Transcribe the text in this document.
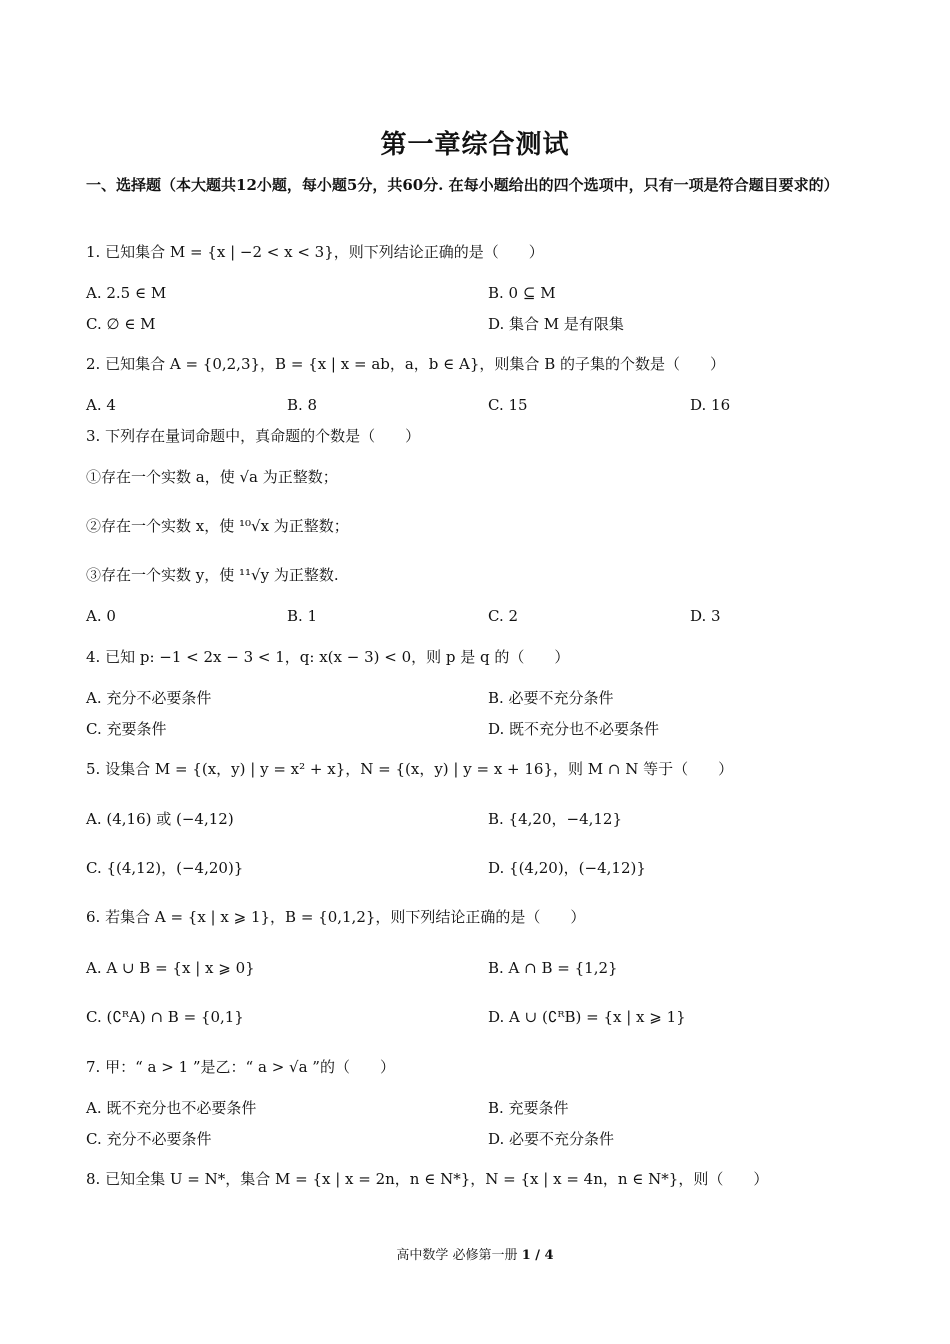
第一章综合测试
一、选择题（本大题共12小题，每小题5分，共60分. 在每小题给出的四个选项中，只有一项是符合题目要求的）
1. 已知集合 M = {x | −2 < x < 3}，则下列结论正确的是（　　）
A. 2.5 ∈ M	B. 0 ⊆ M
C. ∅ ∈ M	D. 集合 M 是有限集
2. 已知集合 A = {0,2,3}，B = {x | x = ab，a，b ∈ A}，则集合 B 的子集的个数是（　　）
A. 4	B. 8	C. 15	D. 16
3. 下列存在量词命题中，真命题的个数是（　　）
①存在一个实数 a，使 √a 为正整数；
②存在一个实数 x，使 ¹⁰√x 为正整数；
③存在一个实数 y，使 ¹¹√y 为正整数.
A. 0	B. 1	C. 2	D. 3
4. 已知 p: −1 < 2x − 3 < 1，q: x(x − 3) < 0，则 p 是 q 的（　　）
A. 充分不必要条件	B. 必要不充分条件
C. 充要条件	D. 既不充分也不必要条件
5. 设集合 M = {(x，y) | y = x² + x}，N = {(x，y) | y = x + 16}，则 M ∩ N 等于（　　）
A. (4,16) 或 (−4,12)	B. {4,20，−4,12}
C. {(4,12)，(−4,20)}	D. {(4,20)，(−4,12)}
6. 若集合 A = {x | x ⩾ 1}，B = {0,1,2}，则下列结论正确的是（　　）
A. A ∪ B = {x | x ⩾ 0}	B. A ∩ B = {1,2}
C. (∁ᴿA) ∩ B = {0,1}	D. A ∪ (∁ᴿB) = {x | x ⩾ 1}
7. 甲：“ a > 1 ”是乙：“ a > √a ”的（　　）
A. 既不充分也不必要条件	B. 充要条件
C. 充分不必要条件	D. 必要不充分条件
8. 已知全集 U = N*，集合 M = {x | x = 2n，n ∈ N*}，N = {x | x = 4n，n ∈ N*}，则（　　）
高中数学 必修第一册 1 / 4
